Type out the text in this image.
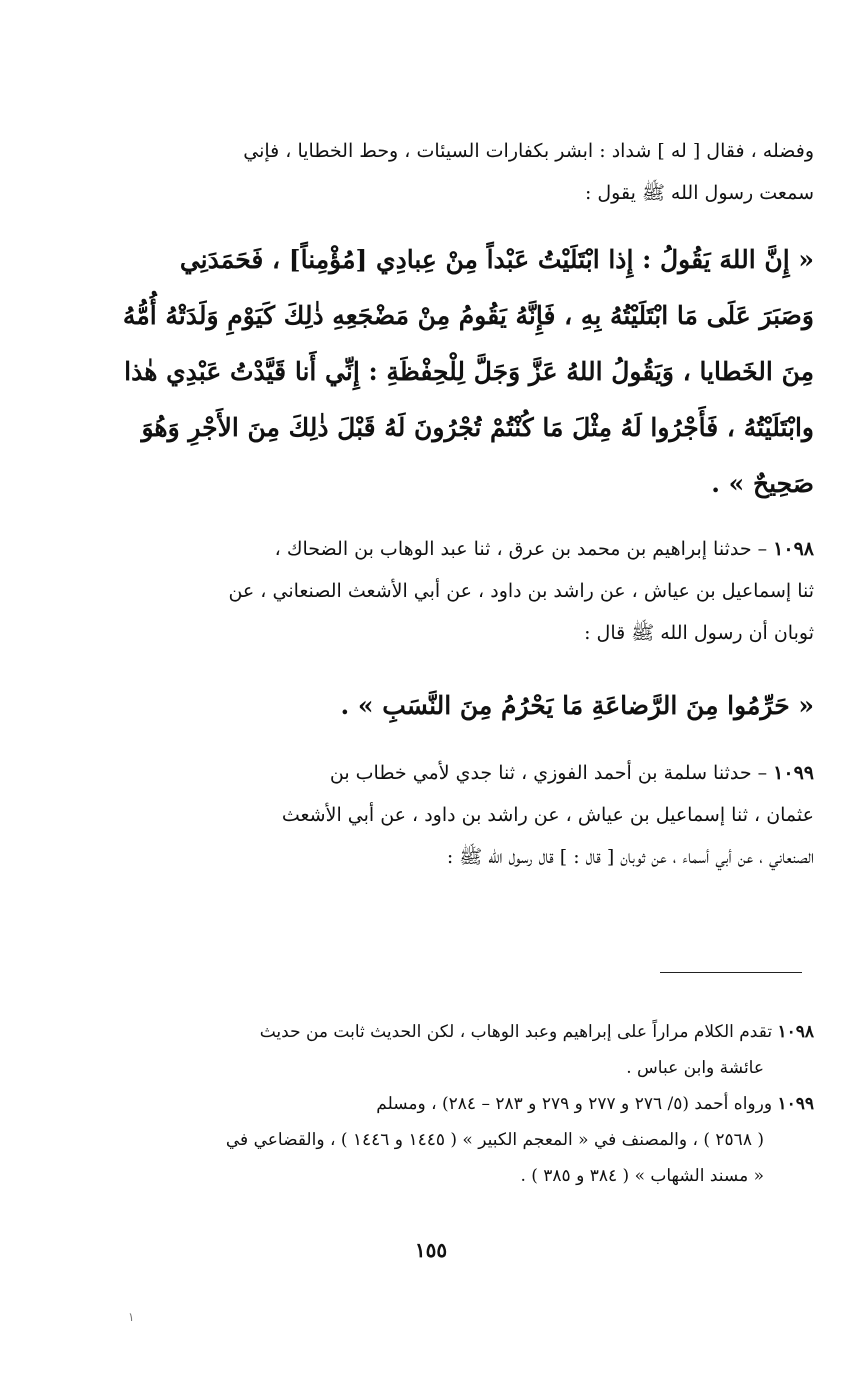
وفضله ، فقال [ له ] شداد : ابشر بكفارات السيئات ، وحط الخطايا ، فإني
سمعت رسول الله ﷺ يقول :
« إِنَّ اللهَ يَقُولُ : إِذا ابْتَلَيْتُ عَبْداً مِنْ عِبادِي [مُؤْمِناً] ، فَحَمَدَنِي
وَصَبَرَ عَلَى مَا ابْتَلَيْتُهُ بِهِ ، فَإِنَّهُ يَقُومُ مِنْ مَضْجَعِهِ ذٰلِكَ كَيَوْمِ وَلَدَتْهُ أُمُّهُ
مِنَ الخَطايا ، وَيَقُولُ اللهُ عَزَّ وَجَلَّ لِلْحِفْظَةِ : إِنِّي أَنا قَيَّدْتُ عَبْدِي هٰذا
وابْتَلَيْتُهُ ، فَأَجْرُوا لَهُ مِثْلَ مَا كُنْتُمْ تُجْرُونَ لَهُ قَبْلَ ذٰلِكَ مِنَ الأَجْرِ وَهُوَ
صَحِيحٌ » .
١٠٩٨ – حدثنا إبراهيم بن محمد بن عرق ، ثنا عبد الوهاب بن الضحاك ،
ثنا إسماعيل بن عياش ، عن راشد بن داود ، عن أبي الأشعث الصنعاني ، عن
ثوبان أن رسول الله ﷺ قال :
« حَرِّمُوا مِنَ الرَّضاعَةِ مَا يَحْرُمُ مِنَ النَّسَبِ » .
١٠٩٩ – حدثنا سلمة بن أحمد الفوزي ، ثنا جدي لأمي خطاب بن
عثمان ، ثنا إسماعيل بن عياش ، عن راشد بن داود ، عن أبي الأشعث
الصنعاني ، عن أبي أسماء ، عن ثوبان [ قال : ] قال رسول الله ﷺ :
١٠٩٨ تقدم الكلام مراراً على إبراهيم وعبد الوهاب ، لكن الحديث ثابت من حديث
عائشة وابن عباس .
١٠٩٩ ورواه أحمد (٥/ ٢٧٦ و ٢٧٧ و ٢٧٩ و ٢٨٣ – ٢٨٤) ، ومسلم
( ٢٥٦٨ ) ، والمصنف في « المعجم الكبير » ( ١٤٤٥ و ١٤٤٦ ) ، والقضاعي في
« مسند الشهاب » ( ٣٨٤ و ٣٨٥ ) .
١٥٥
١
